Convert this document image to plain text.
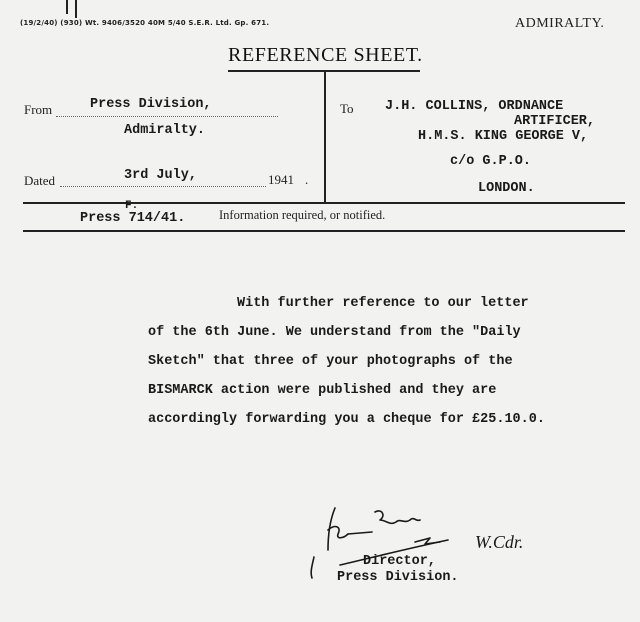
(19/2/40) (930) Wt. 9406/3520 40M 5/40 S.E.R. Ltd. Gp. 671.	ADMIRALTY.
REFERENCE SHEET.
From	Press Division,
Admiralty.
Dated	3rd July,	1941 .
To J.H. COLLINS, ORDNANCE
ARTIFICER,
H.M.S. KING GEORGE V,
c/o G.P.O.
LONDON.
F.
Press 714/41.	Information required, or notified.
With further reference to our letter
of the 6th June. We understand from the "Daily
Sketch" that three of your photographs of the
BISMARCK action were published and they are
accordingly forwarding you a cheque for £25.10.0.
W.Cdr.
Director,
Press Division.
